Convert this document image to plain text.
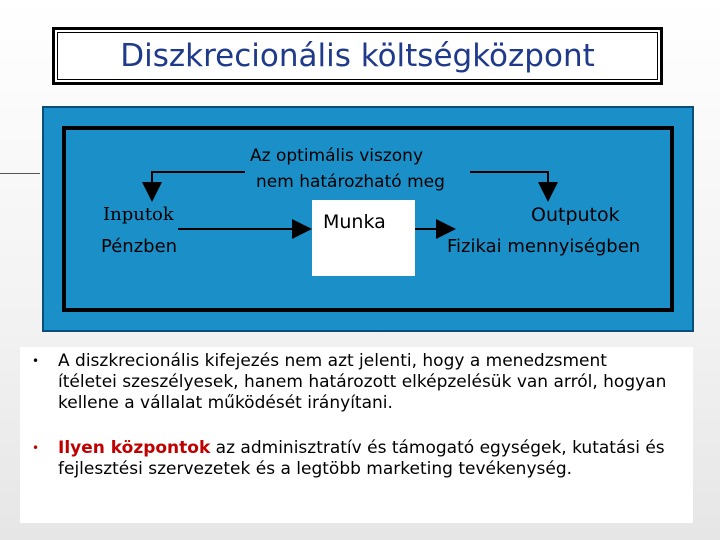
Diszkrecionális költségközpont
Az optimális viszony
nem határozható meg
Inputok
Pénzben
Munka	Outputok
Fizikai mennyiségben
• A diszkrecionális kifejezés nem azt jelenti, hogy a menedzsment ítéletei szeszélyesek, hanem határozott elképzelésük van arról, hogyan kellene a vállalat működését irányítani.
• Ilyen központok az adminisztratív és támogató egységek, kutatási és fejlesztési szervezetek és a legtöbb marketing tevékenység.
